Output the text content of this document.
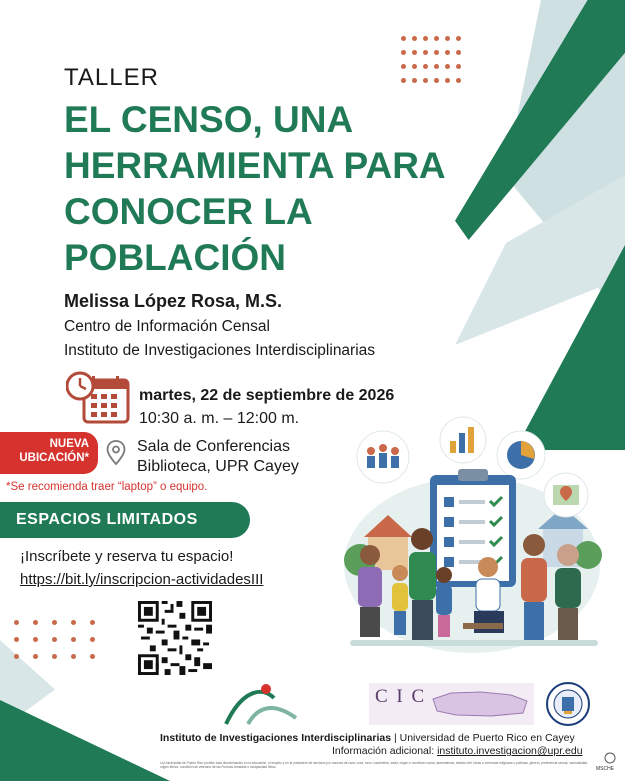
TALLER
EL CENSO, UNA
HERRAMIENTA PARA
CONOCER LA
POBLACIÓN
Melissa López Rosa, M.S.
Centro de Información Censal
Instituto de Investigaciones Interdisciplinarias
martes, 22 de septiembre de 2026
10:30 a. m. – 12:00 m.
NUEVA
UBICACIÓN*
Sala de Conferencias
Biblioteca, UPR Cayey
*Se recomienda traer “laptop” o equipo.
ESPACIOS LIMITADOS
¡Inscríbete y reserva tu espacio!
https://bit.ly/inscripcion-actividadesIII
C I C
Instituto de Investigaciones Interdisciplinarias | Universidad de Puerto Rico en Cayey
Información adicional: instituto.investigacion@upr.edu
La Universidad de Puerto Rico prohíbe toda discriminación en la educación, el empleo y en la prestación de servicios por razones de raza, color, sexo, nacimiento, edad, origen o condición social, ascendencia, estado civil, ideas o creencias religiosas o políticas, género, preferencia sexual, nacionalidad, origen étnico, condición de veterano de las Fuerzas Armadas o incapacidad física.	MSCHE
